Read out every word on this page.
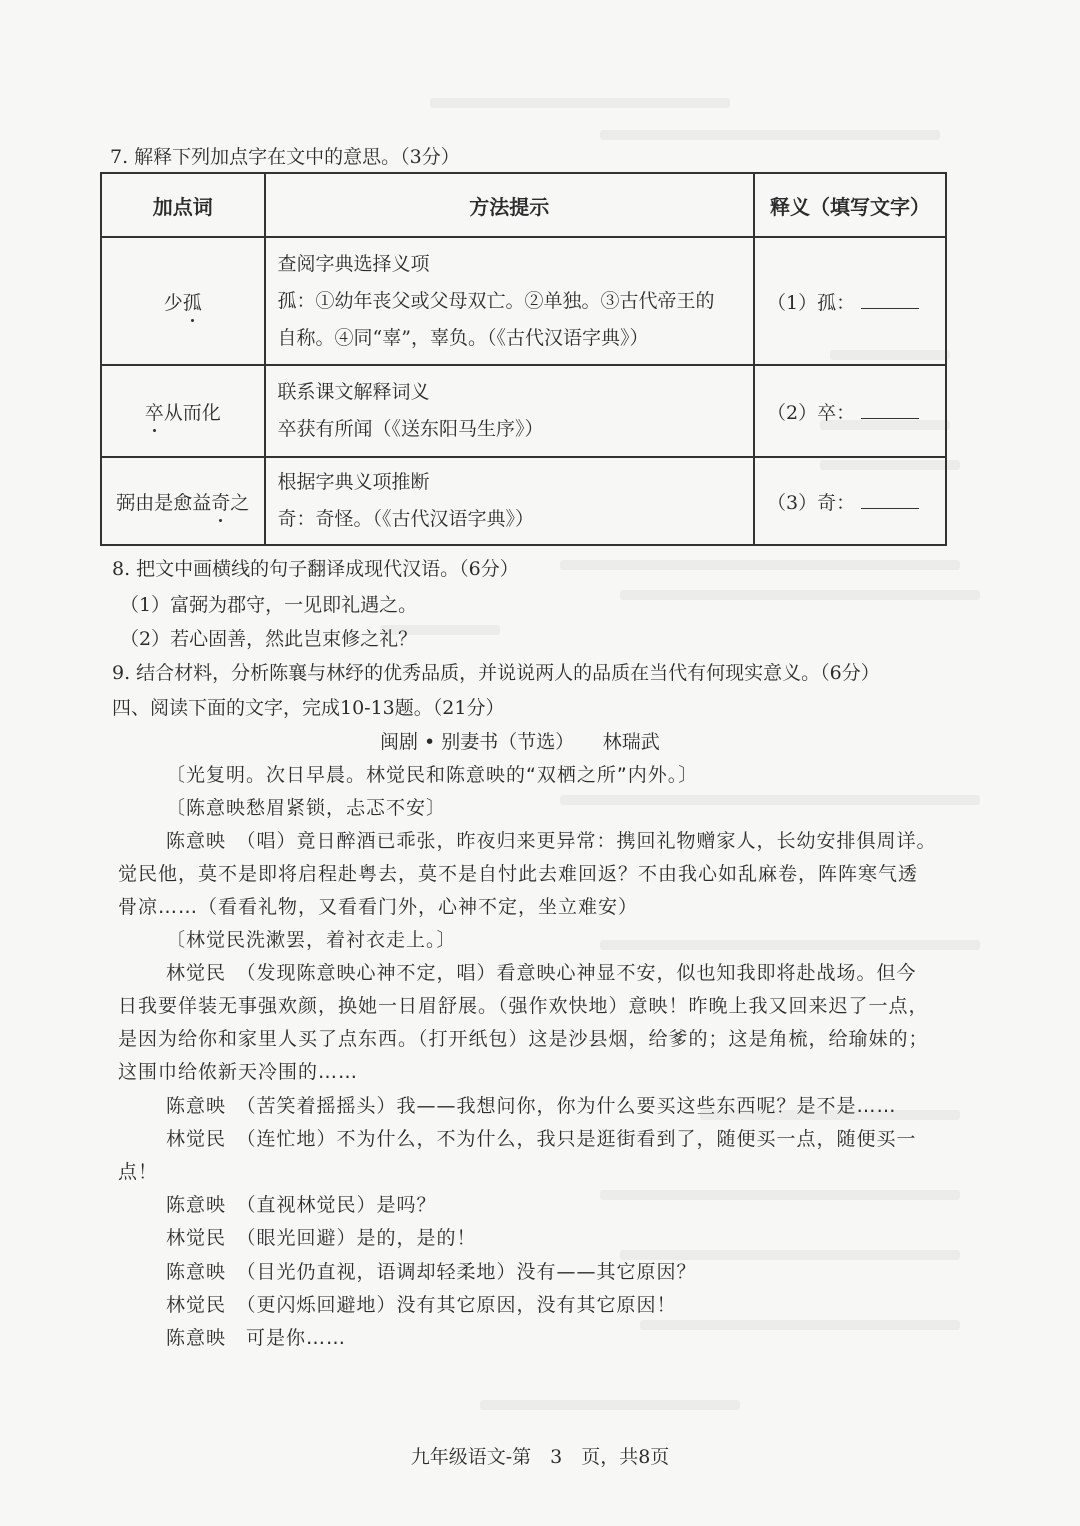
7. 解释下列加点字在文中的意思。（3分）
加点词	方法提示	释义（填写文字）
少孤	查阅字典选择义项
孤：①幼年丧父或父母双亡。②单独。③古代帝王的
自称。④同“辜”，辜负。（《古代汉语字典》）	（1）孤：
卒从而化	联系课文解释词义
卒获有所闻（《送东阳马生序》）	（2）卒：
弼由是愈益奇之	根据字典义项推断
奇：奇怪。（《古代汉语字典》）	（3）奇：
8. 把文中画横线的句子翻译成现代汉语。（6分）
（1）富弼为郡守，一见即礼遇之。
（2）若心固善，然此岂束修之礼？
9. 结合材料，分析陈襄与林纾的优秀品质，并说说两人的品质在当代有何现实意义。（6分）
四、阅读下面的文字，完成10-13题。（21分）
闽剧 • 别妻书（节选）　　林瑞武
〔光复明。次日早晨。林觉民和陈意映的“双栖之所”内外。〕
〔陈意映愁眉紧锁，忐忑不安〕
陈意映　（唱）竟日醉酒已乖张，昨夜归来更异常：携回礼物赠家人，长幼安排俱周详。
觉民他，莫不是即将启程赴粤去，莫不是自忖此去难回返？不由我心如乱麻卷，阵阵寒气透
骨凉……（看看礼物，又看看门外，心神不定，坐立难安）
〔林觉民洗漱罢，着衬衣走上。〕
林觉民　（发现陈意映心神不定，唱）看意映心神显不安，似也知我即将赴战场。但今
日我要佯装无事强欢颜，换她一日眉舒展。（强作欢快地）意映！昨晚上我又回来迟了一点，
是因为给你和家里人买了点东西。（打开纸包）这是沙县烟，给爹的；这是角梳，给瑜妹的；
这围巾给侬新天冷围的……
陈意映　（苦笑着摇摇头）我——我想问你，你为什么要买这些东西呢？是不是……
林觉民　（连忙地）不为什么，不为什么，我只是逛街看到了，随便买一点，随便买一
点！
陈意映　（直视林觉民）是吗？
林觉民　（眼光回避）是的，是的！
陈意映　（目光仍直视，语调却轻柔地）没有——其它原因？
林觉民　（更闪烁回避地）没有其它原因，没有其它原因！
陈意映　可是你……
九年级语文-第　3　页，共8页
